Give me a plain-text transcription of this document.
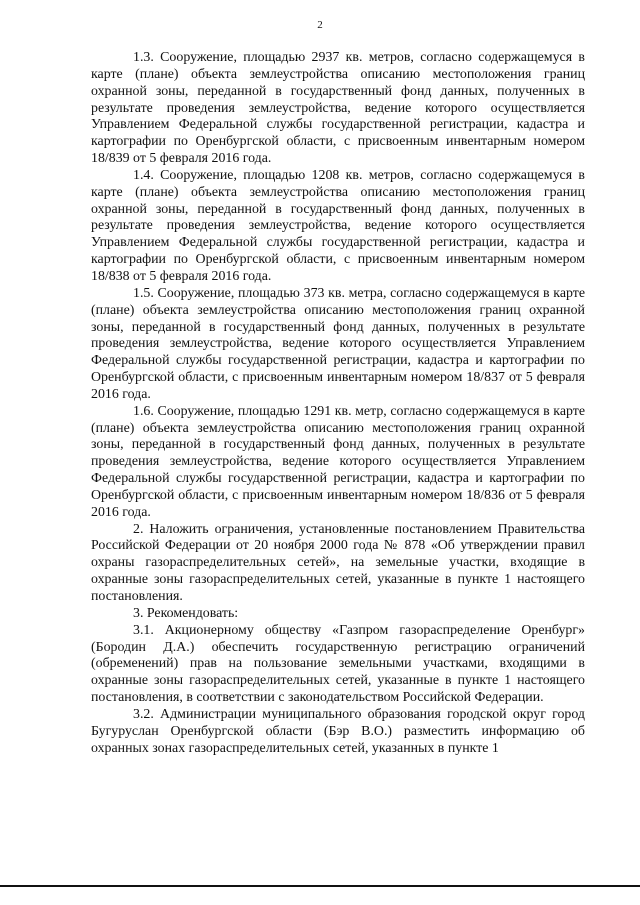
2

1.3. Сооружение, площадью 2937 кв. метров, согласно содержащемуся в карте (плане) объекта землеустройства описанию местоположения границ охранной зоны, переданной в государственный фонд данных, полученных в результате проведения землеустройства, ведение которого осуществляется Управлением Федеральной службы государственной регистрации, кадастра и картографии по Оренбургской области, с присвоенным инвентарным номером 18/839 от 5 февраля 2016 года.

1.4. Сооружение, площадью 1208 кв. метров, согласно содержащемуся в карте (плане) объекта землеустройства описанию местоположения границ охранной зоны, переданной в государственный фонд данных, полученных в результате проведения землеустройства, ведение которого осуществляется Управлением Федеральной службы государственной регистрации, кадастра и картографии по Оренбургской области, с присвоенным инвентарным номером 18/838 от 5 февраля 2016 года.

1.5. Сооружение, площадью 373 кв. метра, согласно содержащемуся в карте (плане) объекта землеустройства описанию местоположения границ охранной зоны, переданной в государственный фонд данных, полученных в результате проведения землеустройства, ведение которого осуществляется Управлением Федеральной службы государственной регистрации, кадастра и картографии по Оренбургской области, с присвоенным инвентарным номером 18/837 от 5 февраля 2016 года.

1.6. Сооружение, площадью 1291 кв. метр, согласно содержащемуся в карте (плане) объекта землеустройства описанию местоположения границ охранной зоны, переданной в государственный фонд данных, полученных в результате проведения землеустройства, ведение которого осуществляется Управлением Федеральной службы государственной регистрации, кадастра и картографии по Оренбургской области, с присвоенным инвентарным номером 18/836 от 5 февраля 2016 года.

2. Наложить ограничения, установленные постановлением Правительства Российской Федерации от 20 ноября 2000 года № 878 «Об утверждении правил охраны газораспределительных сетей», на земельные участки, входящие в охранные зоны газораспределительных сетей, указанные в пункте 1 настоящего постановления.

3. Рекомендовать:

3.1. Акционерному обществу «Газпром газораспределение Оренбург» (Бородин Д.А.) обеспечить государственную регистрацию ограничений (обременений) прав на пользование земельными участками, входящими в охранные зоны газораспределительных сетей, указанные в пункте 1 настоящего постановления, в соответствии с законодательством Российской Федерации.

3.2. Администрации муниципального образования городской округ город Бугуруслан Оренбургской области (Бэр В.О.) разместить информацию об охранных зонах газораспределительных сетей, указанных в пункте 1
